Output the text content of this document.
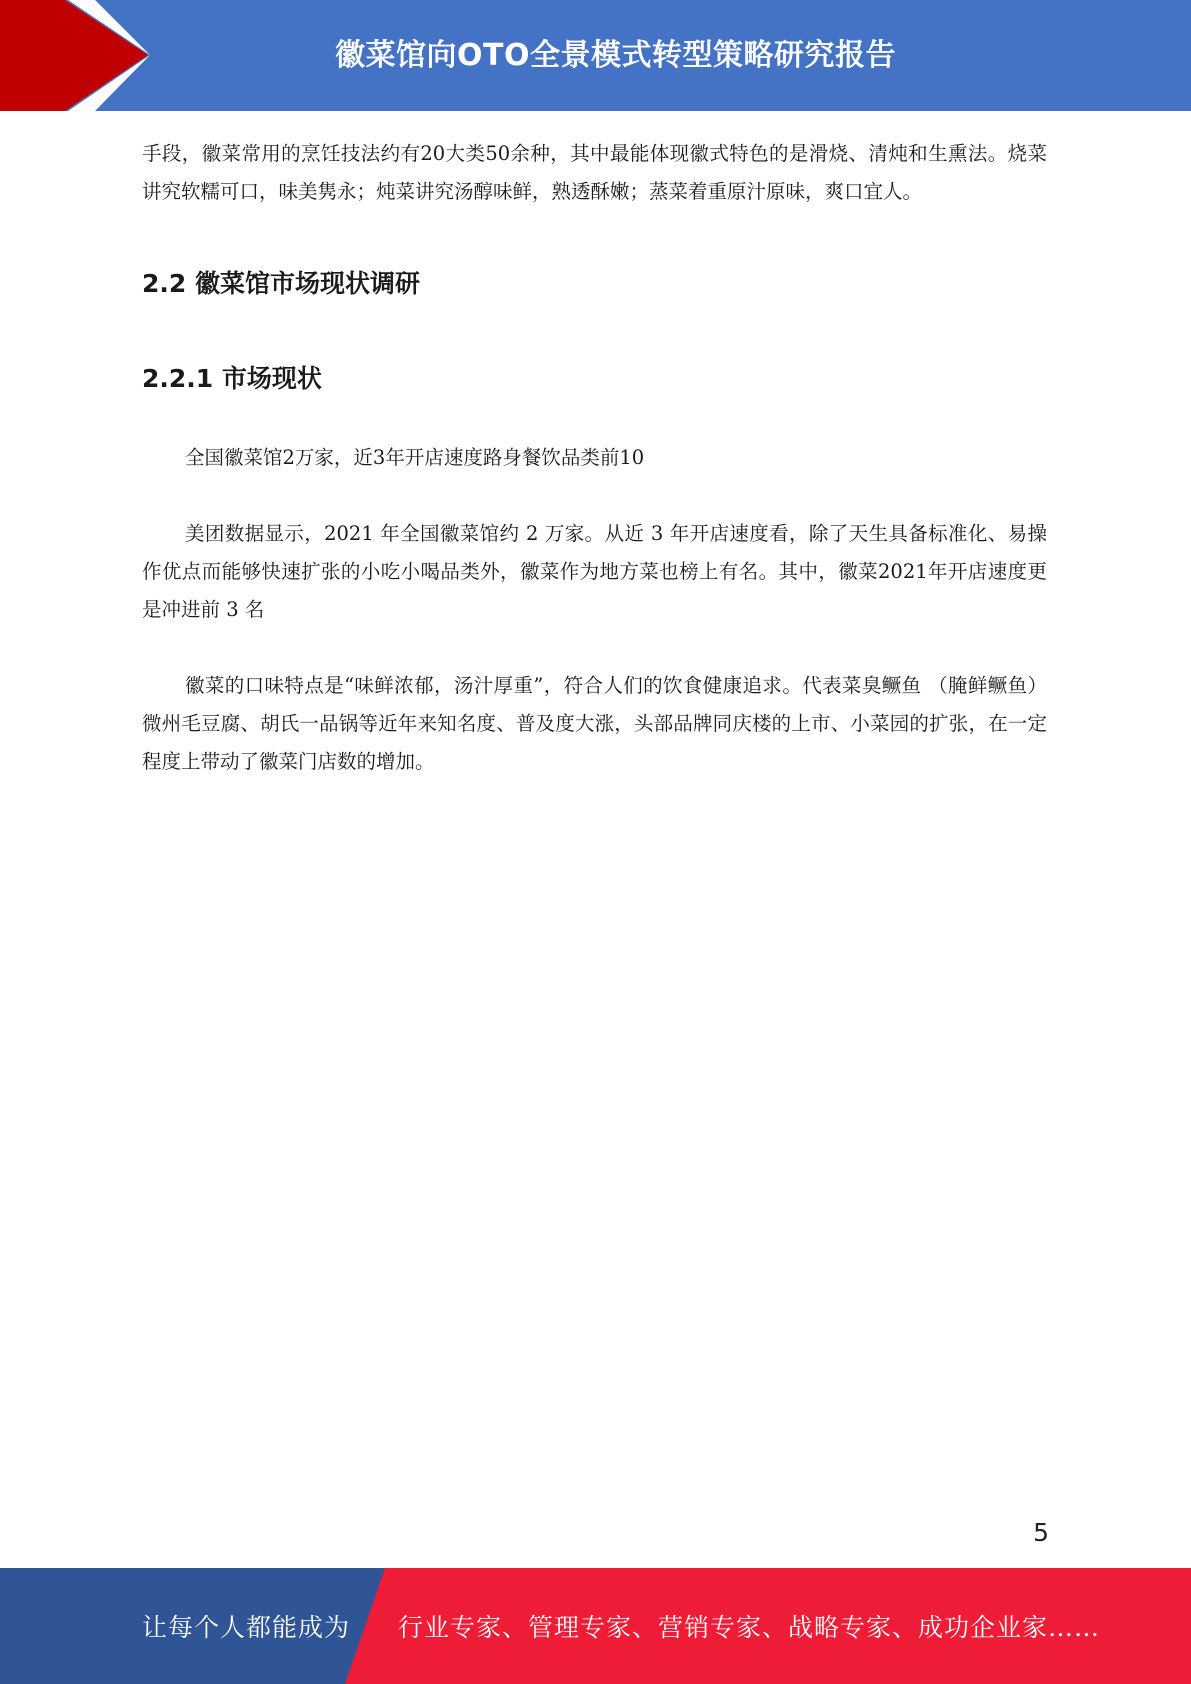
徽菜馆向OTO全景模式转型策略研究报告

手段，徽菜常用的烹饪技法约有20大类50余种，其中最能体现徽式特色的是滑烧、清炖和生熏法。烧菜讲究软糯可口，味美隽永；炖菜讲究汤醇味鲜，熟透酥嫩；蒸菜着重原汁原味，爽口宜人。

2.2 徽菜馆市场现状调研
2.2.1 市场现状

全国徽菜馆2万家，近3年开店速度路身餐饮品类前10

美团数据显示，2021 年全国徽菜馆约 2 万家。从近 3 年开店速度看，除了天生具备标准化、易操作优点而能够快速扩张的小吃小喝品类外，徽菜作为地方菜也榜上有名。其中，徽菜2021年开店速度更是冲进前 3 名

徽菜的口味特点是“味鲜浓郁，汤汁厚重”，符合人们的饮食健康追求。代表菜臭鳜鱼 （腌鲜鳜鱼）微州毛豆腐、胡氏一品锅等近年来知名度、普及度大涨，头部品牌同庆楼的上市、小菜园的扩张，在一定程度上带动了徽菜门店数的增加。

5
让每个人都能成为 行业专家、管理专家、营销专家、战略专家、成功企业家……
